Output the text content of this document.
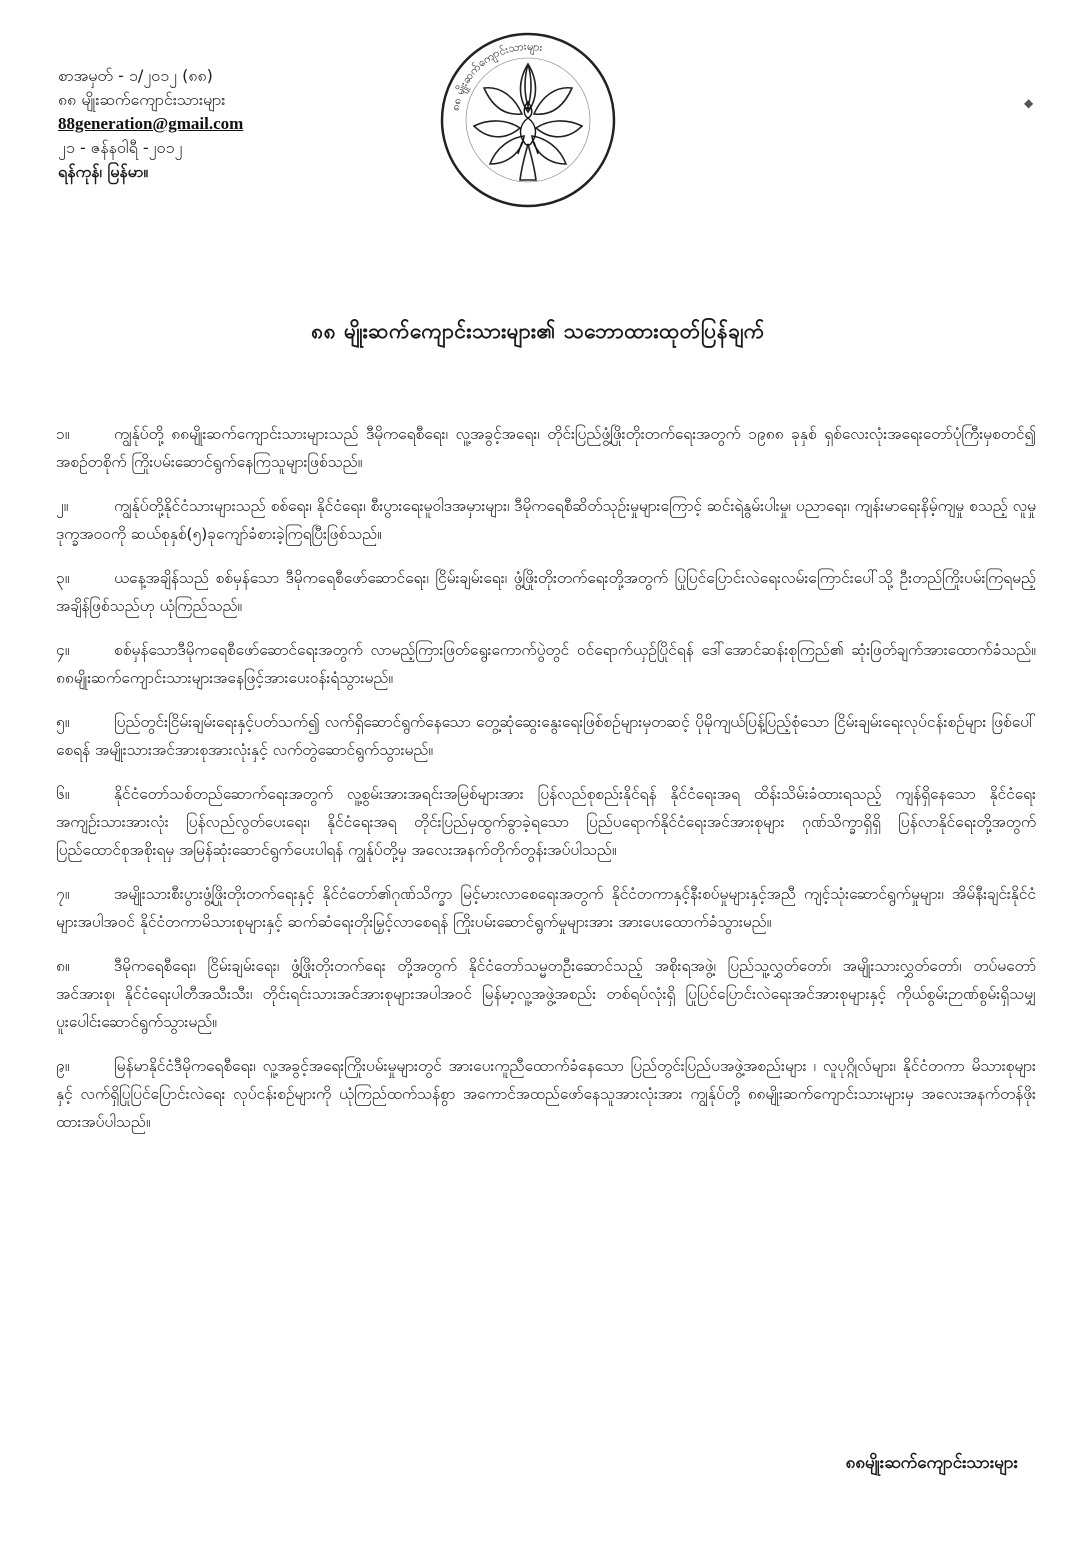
စာအမှတ် - ၁/၂၀၁၂ (၈၈)
၈၈ မျိုးဆက်ကျောင်းသားများ
88generation@gmail.com
၂၁ - ဇန်နဝါရီ -၂၀၁၂
ရန်ကုန်၊ မြန်မာ။
၈၈ မျိုးဆက်ကျောင်းသားများ
◆
၈၈ မျိုးဆက်ကျောင်းသားများ၏ သဘောထားထုတ်ပြန်ချက်

၁။	ကျွန်ုပ်တို့ ၈၈မျိုးဆက်ကျောင်းသားများသည် ဒီမိုကရေစီရေး၊ လူ့အခွင့်အရေး၊ တိုင်းပြည်ဖွံ့ဖြိုးတိုးတက်ရေးအတွက် ၁၉၈၈ ခုနှစ် ရှစ်လေးလုံးအရေးတော်ပုံကြီးမှစတင်၍ အစဉ်တစိုက် ကြိုးပမ်းဆောင်ရွက်နေကြသူများဖြစ်သည်။

၂။	ကျွန်ုပ်တို့နိုင်ငံသားများသည် စစ်ရေး၊ နိုင်ငံရေး၊ စီးပွားရေးမူဝါဒအမှားများ၊ ဒီမိုကရေစီဆိတ်သုဉ်းမှုများကြောင့် ဆင်းရဲနွမ်းပါးမှု၊ ပညာရေး၊ ကျန်းမာရေးနိမ့်ကျမှု စသည့် လူမှုဒုက္ခအဝဝကို ဆယ်စုနှစ်(၅)ခုကျော်ခံစားခဲ့ကြရပြီးဖြစ်သည်။

၃။	ယနေ့အချိန်သည် စစ်မှန်သော ဒီမိုကရေစီဖော်ဆောင်ရေး၊ ငြိမ်းချမ်းရေး၊ ဖွံ့ဖြိုးတိုးတက်ရေးတို့အတွက် ပြုပြင်ပြောင်းလဲရေးလမ်းကြောင်းပေါ်သို့ ဦးတည်ကြိုးပမ်းကြရမည့်အချိန်ဖြစ်သည်ဟု ယုံကြည်သည်။

၄။	စစ်မှန်သောဒီမိုကရေစီဖော်ဆောင်ရေးအတွက် လာမည့်ကြားဖြတ်ရွေးကောက်ပွဲတွင် ဝင်ရောက်ယှဉ်ပြိုင်ရန် ဒေါ်အောင်ဆန်းစုကြည်၏ ဆုံးဖြတ်ချက်အားထောက်ခံသည်။ ၈၈မျိုးဆက်ကျောင်းသားများအနေဖြင့်အားပေးဝန်းရံသွားမည်။

၅။	ပြည်တွင်းငြိမ်းချမ်းရေးနှင့်ပတ်သက်၍ လက်ရှိဆောင်ရွက်နေသော တွေ့ဆုံဆွေးနွေးရေးဖြစ်စဉ်များမှတဆင့် ပိုမိုကျယ်ပြန့်ပြည့်စုံသော ငြိမ်းချမ်းရေးလုပ်ငန်းစဉ်များ ဖြစ်ပေါ်စေရန် အမျိုးသားအင်အားစုအားလုံးနှင့် လက်တွဲဆောင်ရွက်သွားမည်။

၆။	နိုင်ငံတော်သစ်တည်ဆောက်ရေးအတွက် လူ့စွမ်းအားအရင်းအမြစ်များအား ပြန်လည်စုစည်းနိုင်ရန် နိုင်ငံရေးအရ ထိန်းသိမ်းခံထားရသည့် ကျန်ရှိနေသော နိုင်ငံရေးအကျဉ်းသားအားလုံး ပြန်လည်လွတ်ပေးရေး၊ နိုင်ငံရေးအရ တိုင်းပြည်မှထွက်ခွာခဲ့ရသော ပြည်ပရောက်နိုင်ငံရေးအင်အားစုများ ဂုဏ်သိက္ခာရှိရှိ ပြန်လာနိုင်ရေးတို့အတွက် ပြည်ထောင်စုအစိုးရမှ အမြန်ဆုံးဆောင်ရွက်ပေးပါရန် ကျွန်ုပ်တို့မှ အလေးအနက်တိုက်တွန်းအပ်ပါသည်။

၇။	အမျိုးသားစီးပွားဖွံ့ဖြိုးတိုးတက်ရေးနှင့် နိုင်ငံတော်၏ဂုဏ်သိက္ခာ မြင့်မားလာစေရေးအတွက် နိုင်ငံတကာနှင့်နီးစပ်မှုများနှင့်အညီ ကျင့်သုံးဆောင်ရွက်မှုများ၊ အိမ်နီးချင်းနိုင်ငံများအပါအဝင် နိုင်ငံတကာမိသားစုများနှင့် ဆက်ဆံရေးတိုးမြှင့်လာစေရန် ကြိုးပမ်းဆောင်ရွက်မှုများအား အားပေးထောက်ခံသွားမည်။

၈။	ဒီမိုကရေစီရေး၊ ငြိမ်းချမ်းရေး၊ ဖွံ့ဖြိုးတိုးတက်ရေး တို့အတွက် နိုင်ငံတော်သမ္မတဦးဆောင်သည့် အစိုးရအဖွဲ့၊ ပြည်သူ့လွှတ်တော်၊ အမျိုးသားလွှတ်တော်၊ တပ်မတော်အင်အားစု၊ နိုင်ငံရေးပါတီအသီးသီး၊ တိုင်းရင်းသားအင်အားစုများအပါအဝင် မြန်မာ့လူ့အဖွဲ့အစည်း တစ်ရပ်လုံးရှိ ပြုပြင်ပြောင်းလဲရေးအင်အားစုများနှင့် ကိုယ်စွမ်းဉာဏ်စွမ်းရှိသမျှပူးပေါင်းဆောင်ရွက်သွားမည်။

၉။	မြန်မာနိုင်ငံဒီမိုကရေစီရေး၊ လူ့အခွင့်အရေးကြိုးပမ်းမှုများတွင် အားပေးကူညီထောက်ခံနေသော ပြည်တွင်းပြည်ပအဖွဲ့အစည်းများ ၊ လူပုဂ္ဂိုလ်များ၊ နိုင်ငံတကာ မိသားစုများနှင့် လက်ရှိပြုပြင်ပြောင်းလဲရေး လုပ်ငန်းစဉ်များကို ယုံကြည်ထက်သန်စွာ အကောင်အထည်ဖော်နေသူအားလုံးအား ကျွန်ုပ်တို့ ၈၈မျိုးဆက်ကျောင်းသားများမှ အလေးအနက်တန်ဖိုးထားအပ်ပါသည်။

၈၈မျိုးဆက်ကျောင်းသားများ
